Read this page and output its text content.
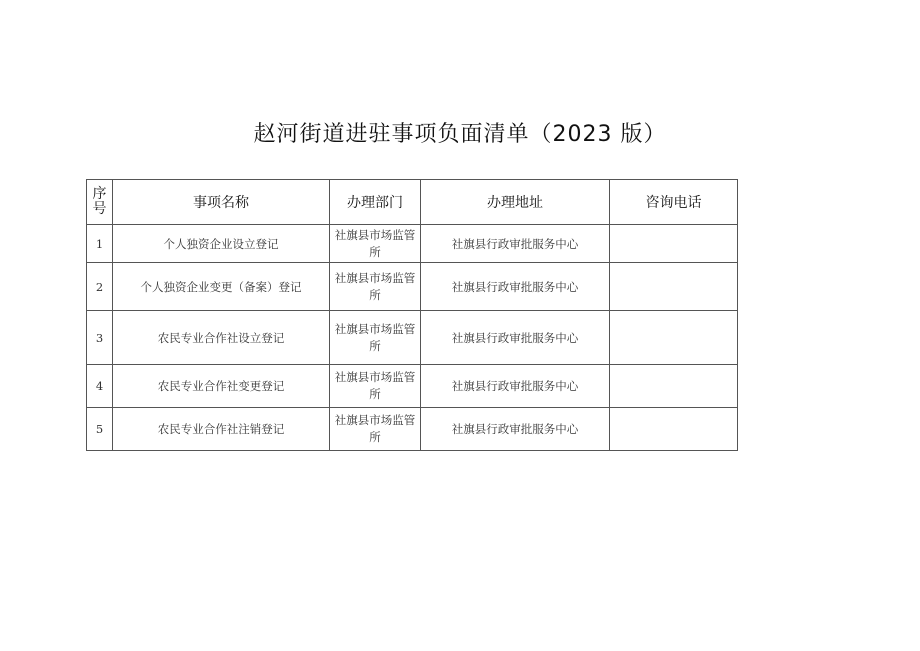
赵河街道进驻事项负面清单（2023 版）
序
号	事项名称	办理部门	办理地址	咨询电话
1	个人独资企业设立登记	社旗县市场监管所	社旗县行政审批服务中心	
2	个人独资企业变更（备案）登记	社旗县市场监管所	社旗县行政审批服务中心	
3	农民专业合作社设立登记	社旗县市场监管所	社旗县行政审批服务中心	
4	农民专业合作社变更登记	社旗县市场监管所	社旗县行政审批服务中心	
5	农民专业合作社注销登记	社旗县市场监管所	社旗县行政审批服务中心	
